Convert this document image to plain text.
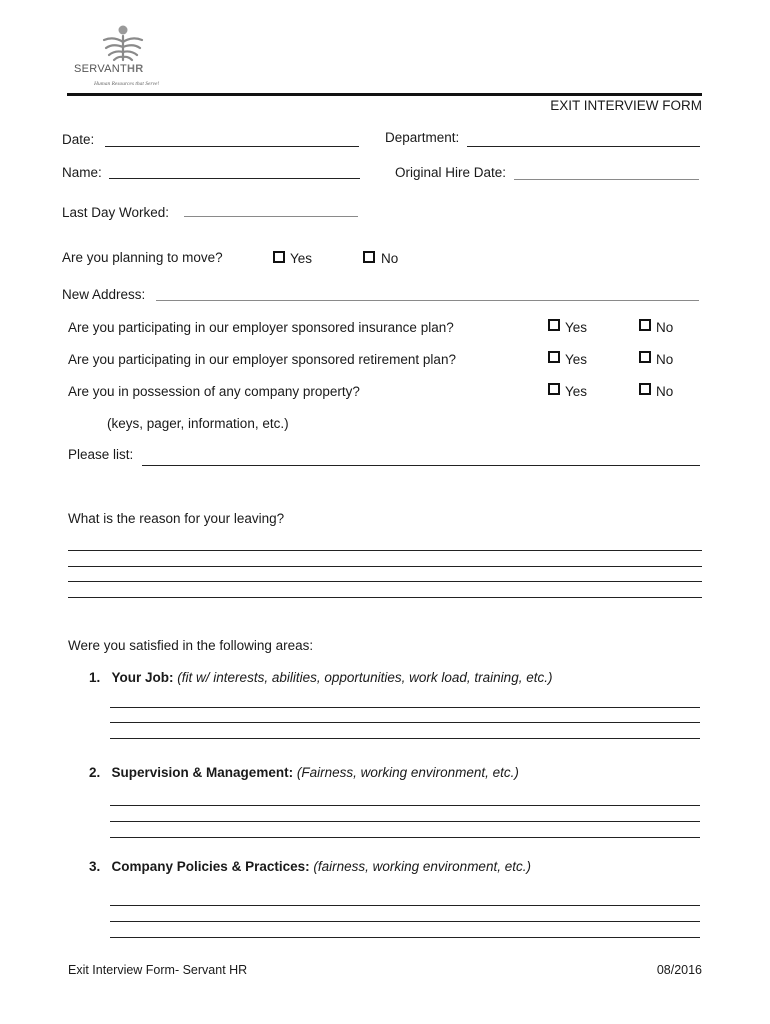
SERVANTHR
Human Resources that Serve!
EXIT INTERVIEW FORM
Date:	Department:
Name:	Original Hire Date:
Last Day Worked:
Are you planning to move?	Yes	No
New Address:
Are you participating in our employer sponsored insurance plan?	Yes	No
Are you participating in our employer sponsored retirement plan?	Yes	No
Are you in possession of any company property?	Yes	No
(keys, pager, information, etc.)
Please list:
What is the reason for your leaving?
Were you satisfied in the following areas:
1. Your Job: (fit w/ interests, abilities, opportunities, work load, training, etc.)
2. Supervision & Management: (Fairness, working environment, etc.)
3. Company Policies & Practices: (fairness, working environment, etc.)
Exit Interview Form- Servant HR	08/2016
